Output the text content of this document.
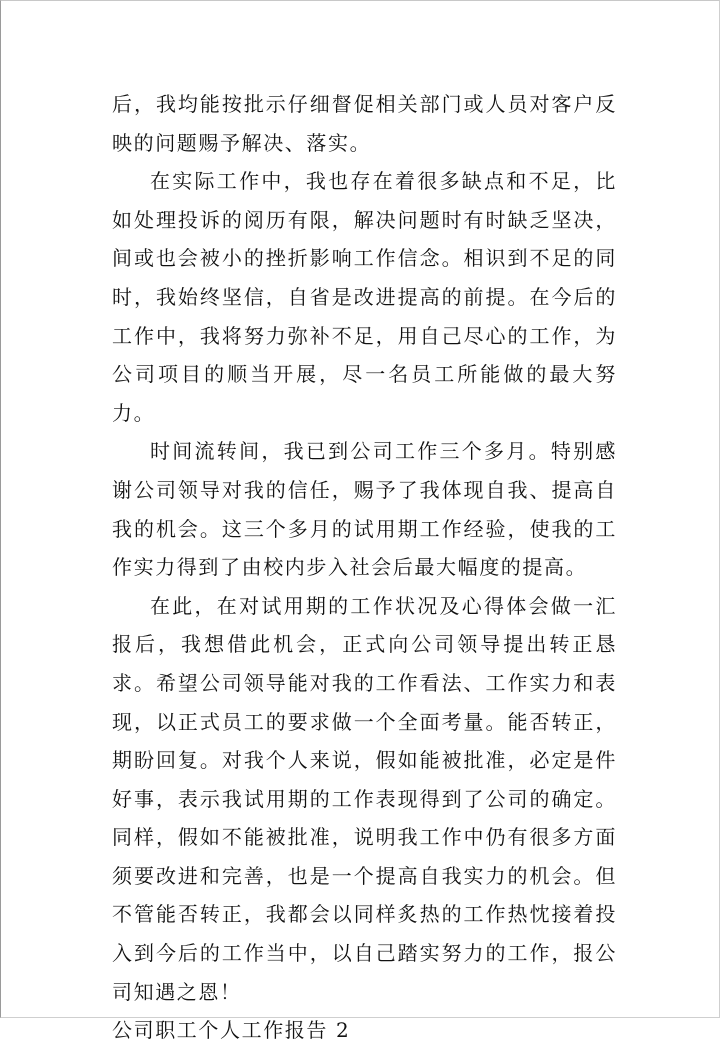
后，我均能按批示仔细督促相关部门或人员对客户反映的问题赐予解决、落实。

在实际工作中，我也存在着很多缺点和不足，比如处理投诉的阅历有限，解决问题时有时缺乏坚决，间或也会被小的挫折影响工作信念。相识到不足的同时，我始终坚信，自省是改进提高的前提。在今后的工作中，我将努力弥补不足，用自己尽心的工作，为公司项目的顺当开展，尽一名员工所能做的最大努力。

时间流转间，我已到公司工作三个多月。特别感谢公司领导对我的信任，赐予了我体现自我、提高自我的机会。这三个多月的试用期工作经验，使我的工作实力得到了由校内步入社会后最大幅度的提高。

在此，在对试用期的工作状况及心得体会做一汇报后，我想借此机会，正式向公司领导提出转正恳求。希望公司领导能对我的工作看法、工作实力和表现，以正式员工的要求做一个全面考量。能否转正，期盼回复。对我个人来说，假如能被批准，必定是件好事，表示我试用期的工作表现得到了公司的确定。同样，假如不能被批准，说明我工作中仍有很多方面须要改进和完善，也是一个提高自我实力的机会。但不管能否转正，我都会以同样炙热的工作热忱接着投入到今后的工作当中，以自己踏实努力的工作，报公司知遇之恩！

公司职工个人工作报告 2
